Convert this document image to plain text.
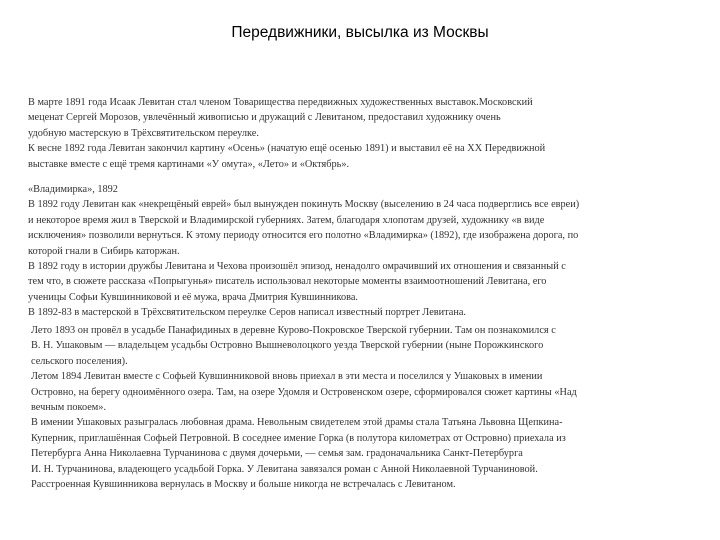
Передвижники, высылка из Москвы

В марте 1891 года Исаак Левитан стал членом Товарищества передвижных художественных выставок.Московский

меценат Сергей Морозов, увлечённый живописью и дружащий с Левитаном, предоставил художнику очень

удобную мастерскую в Трёхсвятительском переулке.

К весне 1892 года Левитан закончил картину «Осень» (начатую ещё осенью 1891) и выставил её на XX Передвижной

выставке вместе с ещё тремя картинами «У омута», «Лето» и «Октябрь».

«Владимирка», 1892

В 1892 году Левитан как «некрещёный еврей» был вынужден покинуть Москву (выселению в 24 часа подверглись все евреи)

и некоторое время жил в Тверской и Владимирской губерниях. Затем, благодаря хлопотам друзей, художнику «в виде

исключения» позволили вернуться. К этому периоду относится его полотно «Владимирка» (1892), где изображена дорога, по

которой гнали в Сибирь каторжан.

В 1892 году в истории дружбы Левитана и Чехова произошёл эпизод, ненадолго омрачивший их отношения и связанный с

тем что, в сюжете рассказа «Попрыгунья» писатель использовал некоторые моменты взаимоотношений Левитана, его

ученицы Софьи Кувшинниковой и её мужа, врача Дмитрия Кувшинникова.

В 1892-83 в мастерской в Трёхсвятительском переулке Серов написал известный портрет Левитана.

Лето 1893 он провёл в усадьбе Панафидиных в деревне Курово-Покровское Тверской губернии. Там он познакомился с

В. Н. Ушаковым — владельцем усадьбы Островно Вышневолоцкого уезда Тверской губернии (ныне Порожкинского

сельского поселения).

Летом 1894 Левитан вместе с Софьей Кувшинниковой вновь приехал в эти места и поселился у Ушаковых в имении

Островно, на берегу одноимённого озера. Там, на озере Удомля и Островенском озере, сформировался сюжет картины «Над

вечным покоем».

В имении Ушаковых разыгралась любовная драма. Невольным свидетелем этой драмы стала Татьяна Львовна Щепкина-

Куперник, приглашённая Софьей Петровной. В соседнее имение Горка (в полутора километрах от Островно) приехала из

Петербурга Анна Николаевна Турчанинова с двумя дочерьми, — семья зам. градоначальника Санкт-Петербурга

И. Н. Турчанинова, владеющего усадьбой Горка. У Левитана завязался роман с Анной Николаевной Турчаниновой.

Расстроенная Кувшинникова вернулась в Москву и больше никогда не встречалась с Левитаном.
